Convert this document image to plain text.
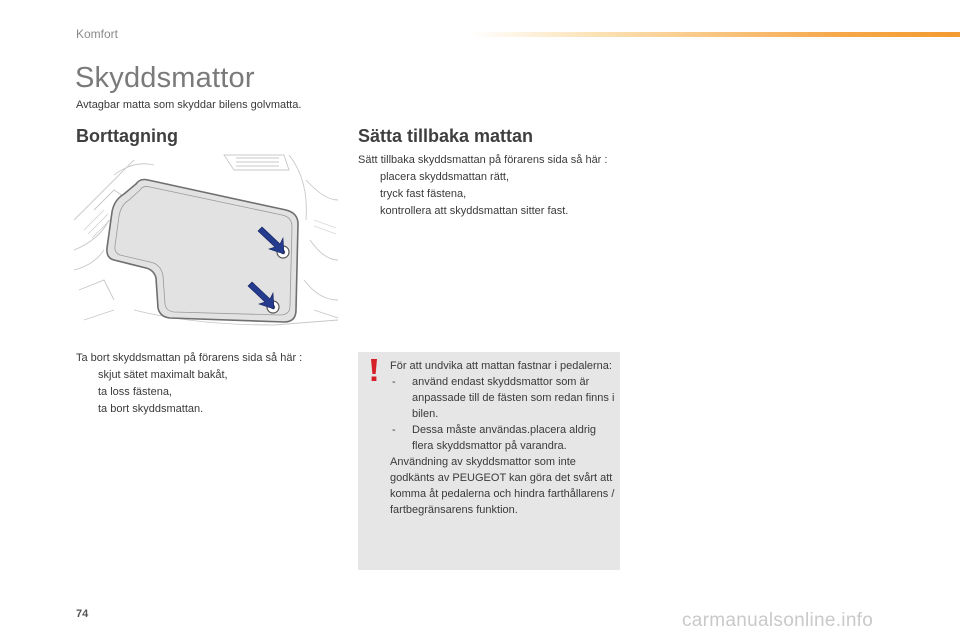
Komfort
Skyddsmattor

Avtagbar matta som skyddar bilens golvmatta.

Borttagning	Sätta tillbaka mattan

Ta bort skyddsmattan på förarens sida så här :

skjut sätet maximalt bakåt,
ta loss fästena,
ta bort skyddsmattan.

Sätt tillbaka skyddsmattan på förarens sida så här :

placera skyddsmattan rätt,
tryck fast fästena,
kontrollera att skyddsmattan sitter fast.

För att undvika att mattan fastnar i pedalerna:

- använd endast skyddsmattor som är anpassade till de fästen som redan finns i bilen.

- Dessa måste användas.placera aldrig flera skyddsmattor på varandra.

Användning av skyddsmattor som inte godkänts av PEUGEOT kan göra det svårt att komma åt pedalerna och hindra farthållarens / fartbegränsarens funktion.

74	carmanualsonline.info
